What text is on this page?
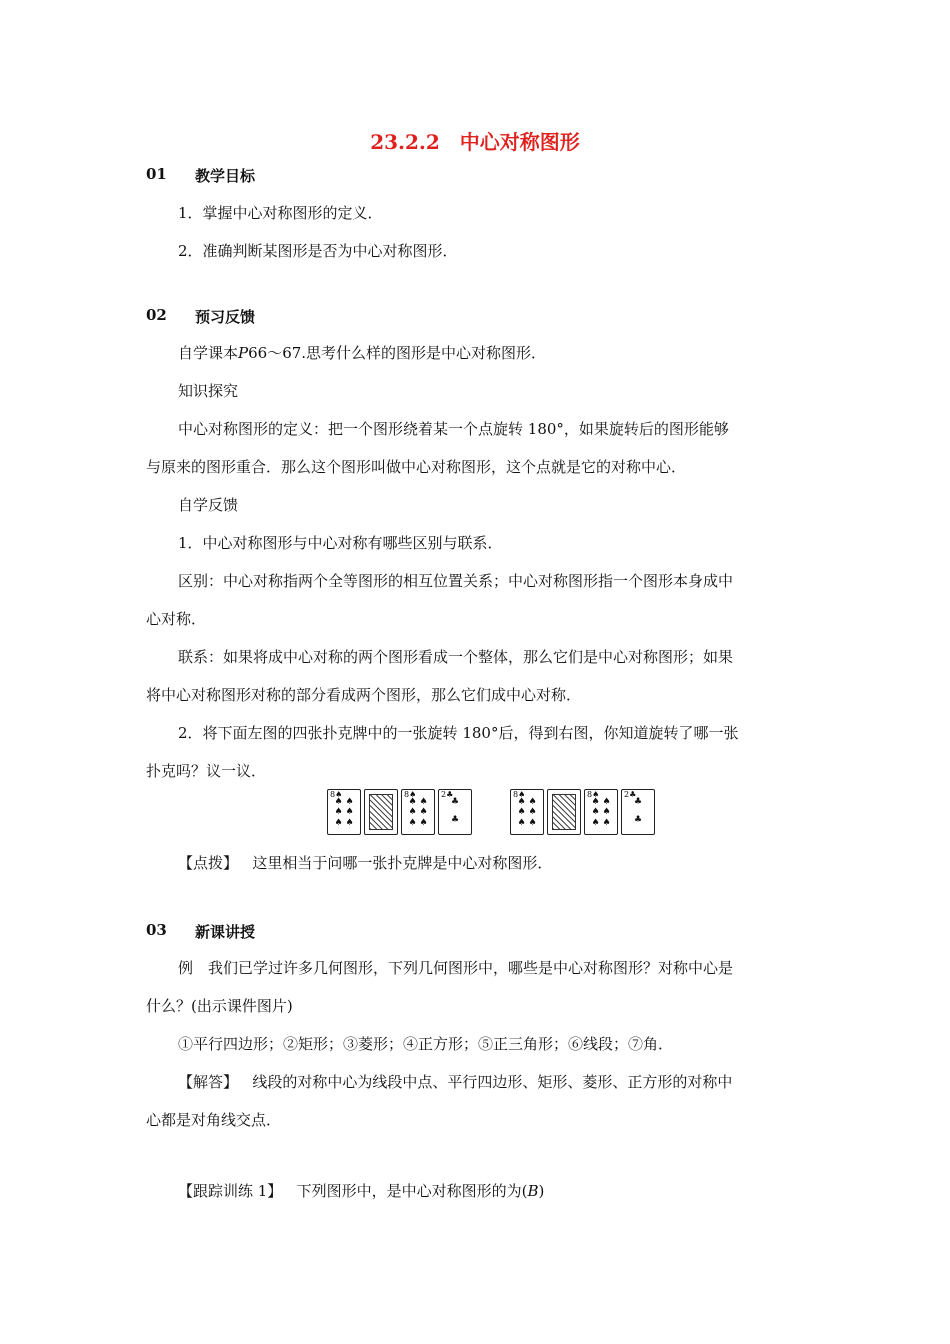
23.2.2　中心对称图形
01 教学目标
1．掌握中心对称图形的定义．
2．准确判断某图形是否为中心对称图形．
02 预习反馈
自学课本P66～67.思考什么样的图形是中心对称图形．
知识探究
中心对称图形的定义：把一个图形绕着某一个点旋转 180°，如果旋转后的图形能够
与原来的图形重合．那么这个图形叫做中心对称图形，这个点就是它的对称中心．
自学反馈
1．中心对称图形与中心对称有哪些区别与联系．
区别：中心对称指两个全等图形的相互位置关系；中心对称图形指一个图形本身成中
心对称．
联系：如果将成中心对称的两个图形看成一个整体，那么它们是中心对称图形；如果
将中心对称图形对称的部分看成两个图形，那么它们成中心对称．
2．将下面左图的四张扑克牌中的一张旋转 180°后，得到右图，你知道旋转了哪一张
扑克吗？议一议．
8♠
♠ ♠
♠ ♠
♠ ♠
8♠
♠ ♠
♠ ♠
♠ ♠
2♣
♣
♣
8♠
♠ ♠
♠ ♠
♠ ♠
8♠
♠ ♠
♠ ♠
♠ ♠
2♣
♣
♣
【点拨】 这里相当于问哪一张扑克牌是中心对称图形．
03 新课讲授
例　我们已学过许多几何图形，下列几何图形中，哪些是中心对称图形？对称中心是
什么？(出示课件图片)
①平行四边形；②矩形；③菱形；④正方形；⑤正三角形；⑥线段；⑦角．
【解答】 线段的对称中心为线段中点、平行四边形、矩形、菱形、正方形的对称中
心都是对角线交点．
【跟踪训练 1】 下列图形中，是中心对称图形的为(B)
